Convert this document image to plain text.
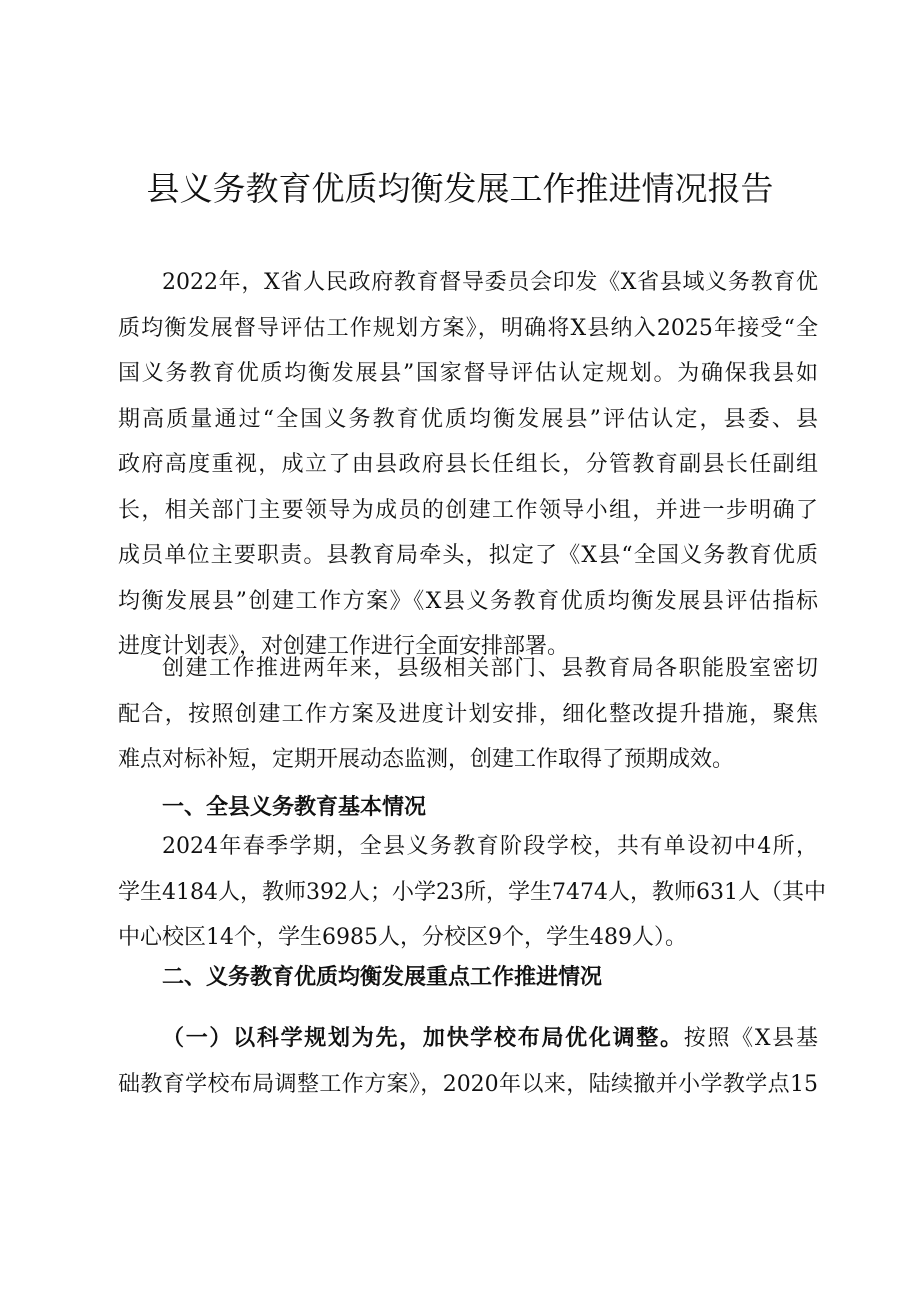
县义务教育优质均衡发展工作推进情况报告
2022年，X省人民政府教育督导委员会印发《X省县域义务教育优
质均衡发展督导评估工作规划方案》，明确将X县纳入2025年接受“全
国义务教育优质均衡发展县”国家督导评估认定规划。为确保我县如
期高质量通过“全国义务教育优质均衡发展县”评估认定，县委、县
政府高度重视，成立了由县政府县长任组长，分管教育副县长任副组
长，相关部门主要领导为成员的创建工作领导小组，并进一步明确了
成员单位主要职责。县教育局牵头，拟定了《X县“全国义务教育优质
均衡发展县”创建工作方案》《X县义务教育优质均衡发展县评估指标
进度计划表》，对创建工作进行全面安排部署。
创建工作推进两年来，县级相关部门、县教育局各职能股室密切
配合，按照创建工作方案及进度计划安排，细化整改提升措施，聚焦
难点对标补短，定期开展动态监测，创建工作取得了预期成效。
一、全县义务教育基本情况
2024年春季学期，全县义务教育阶段学校，共有单设初中4所，
学生4184人，教师392人；小学23所，学生7474人，教师631人（其中
中心校区14个，学生6985人，分校区9个，学生489人）。
二、义务教育优质均衡发展重点工作推进情况
（一）以科学规划为先，加快学校布局优化调整。按照《X县基
础教育学校布局调整工作方案》，2020年以来，陆续撤并小学教学点15
